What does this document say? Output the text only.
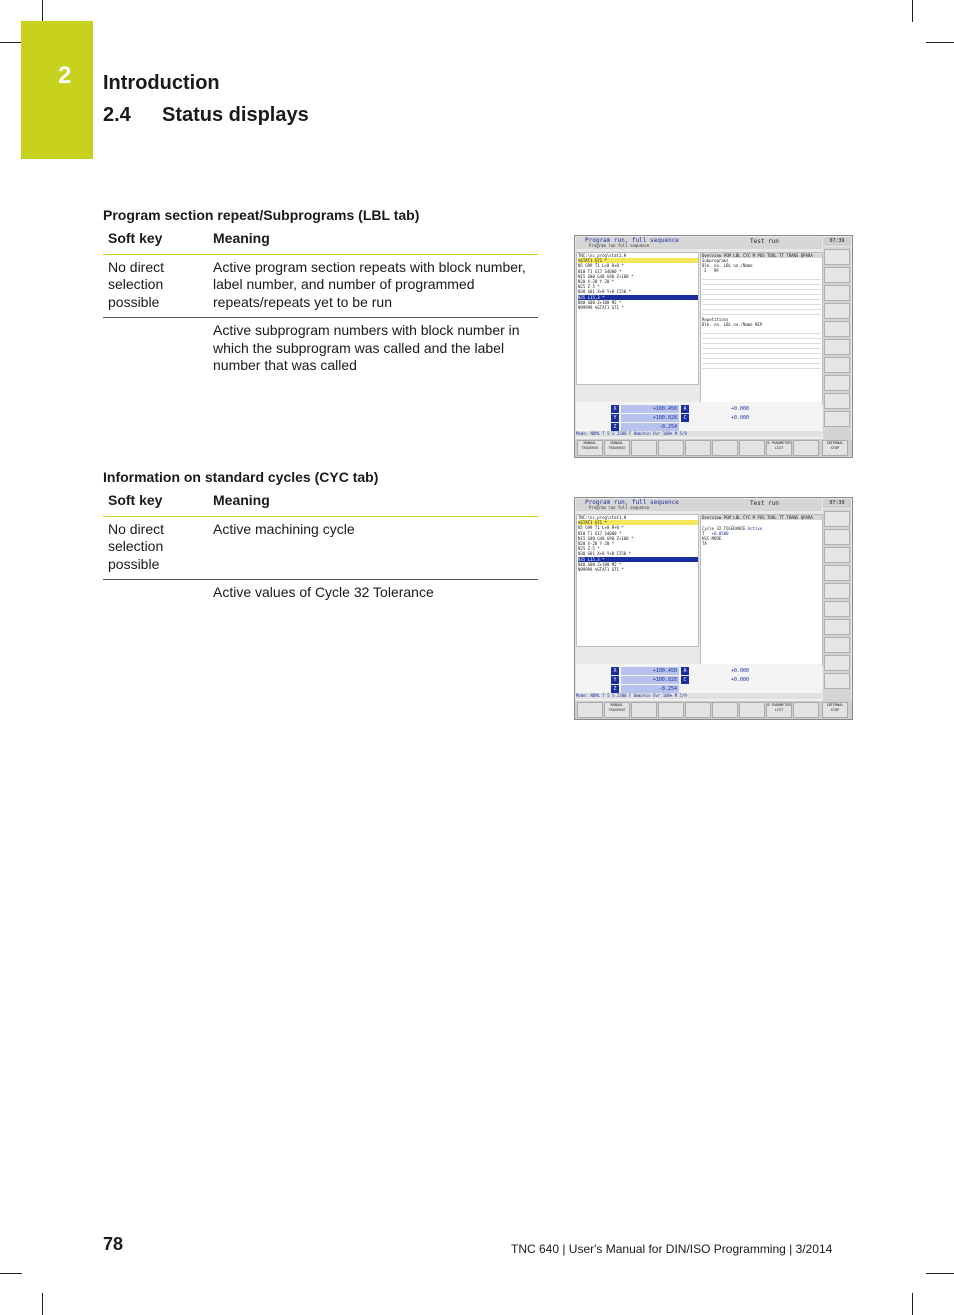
2 Introduction
2.4 Status displays
Program section repeat/Subprograms (LBL tab)
Soft key	Meaning
No direct selection possible	Active program section repeats with block number, label number, and number of programmed repeats/repeats yet to be run
	Active subprogram numbers with block number in which the subprogram was called and the label number that was called
Program run, full sequence
Program run full sequence
Test run	07:39
TNC:\nc_prog\stat1.H
%STAT1 G71 *
N5 G99 T1 L+0 R+0 *
N10 T1 G17 S4000 *
N15 G00 G40 G90 Z+100 *
N20 X-20 Y-20 *
N25 Z-5 *
N30 G01 X+0 Y+0 F250 *
N35 L15,3 *
N40 G00 Z+100 M2 *
N99999 %STAT1 G71 *
Overview PGM LBL CYC M POS TOOL TT TRANS QPARA
Subprograms
Blk. no. LBL no./Name
3 99
Repetitions
Blk. no. LBL no./Name REP
X	+100.450	A	+0.000
Y	+100.028	C	+0.000
Z	-8.254
Mode: NOML T 5 S 2500 F 0mm/min Ovr 100% M 5/9
MANUAL TRAVERSE
MANUAL TRAVERSE
0 PARAMETER LIST
INTERNAL STOP
Information on standard cycles (CYC tab)
Soft key	Meaning
No direct selection possible	Active machining cycle
	Active values of Cycle 32 Tolerance
Program run, full sequence
Program run full sequence
Test run	07:39
TNC:\nc_prog\stat1.H
%STAT1 G71 *
N5 G99 T1 L+0 R+0 *
N10 T1 G17 S4000 *
N15 G00 G40 G90 Z+100 *
N20 X-20 Y-20 *
N25 Z-5 *
N30 G01 X+0 Y+0 F250 *
N35 L15,3 *
N40 G00 Z+100 M2 *
N99999 %STAT1 G71 *
Overview PGM LBL CYC M POS TOOL TT TRANS QPARA
Cycle 32 TOLERANCE Active
T +0.0500
HSC-MODE
TA
X	+100.450	A	+0.000
Y	+100.028	C	+0.000
Z	-8.254
Mode: NOML T 5 S 2500 F 0mm/min Ovr 100% M 5/9
MANUAL TRAVERSE
0 PARAMETER LIST
INTERNAL STOP
78	TNC 640 | User's Manual for DIN/ISO Programming | 3/2014
